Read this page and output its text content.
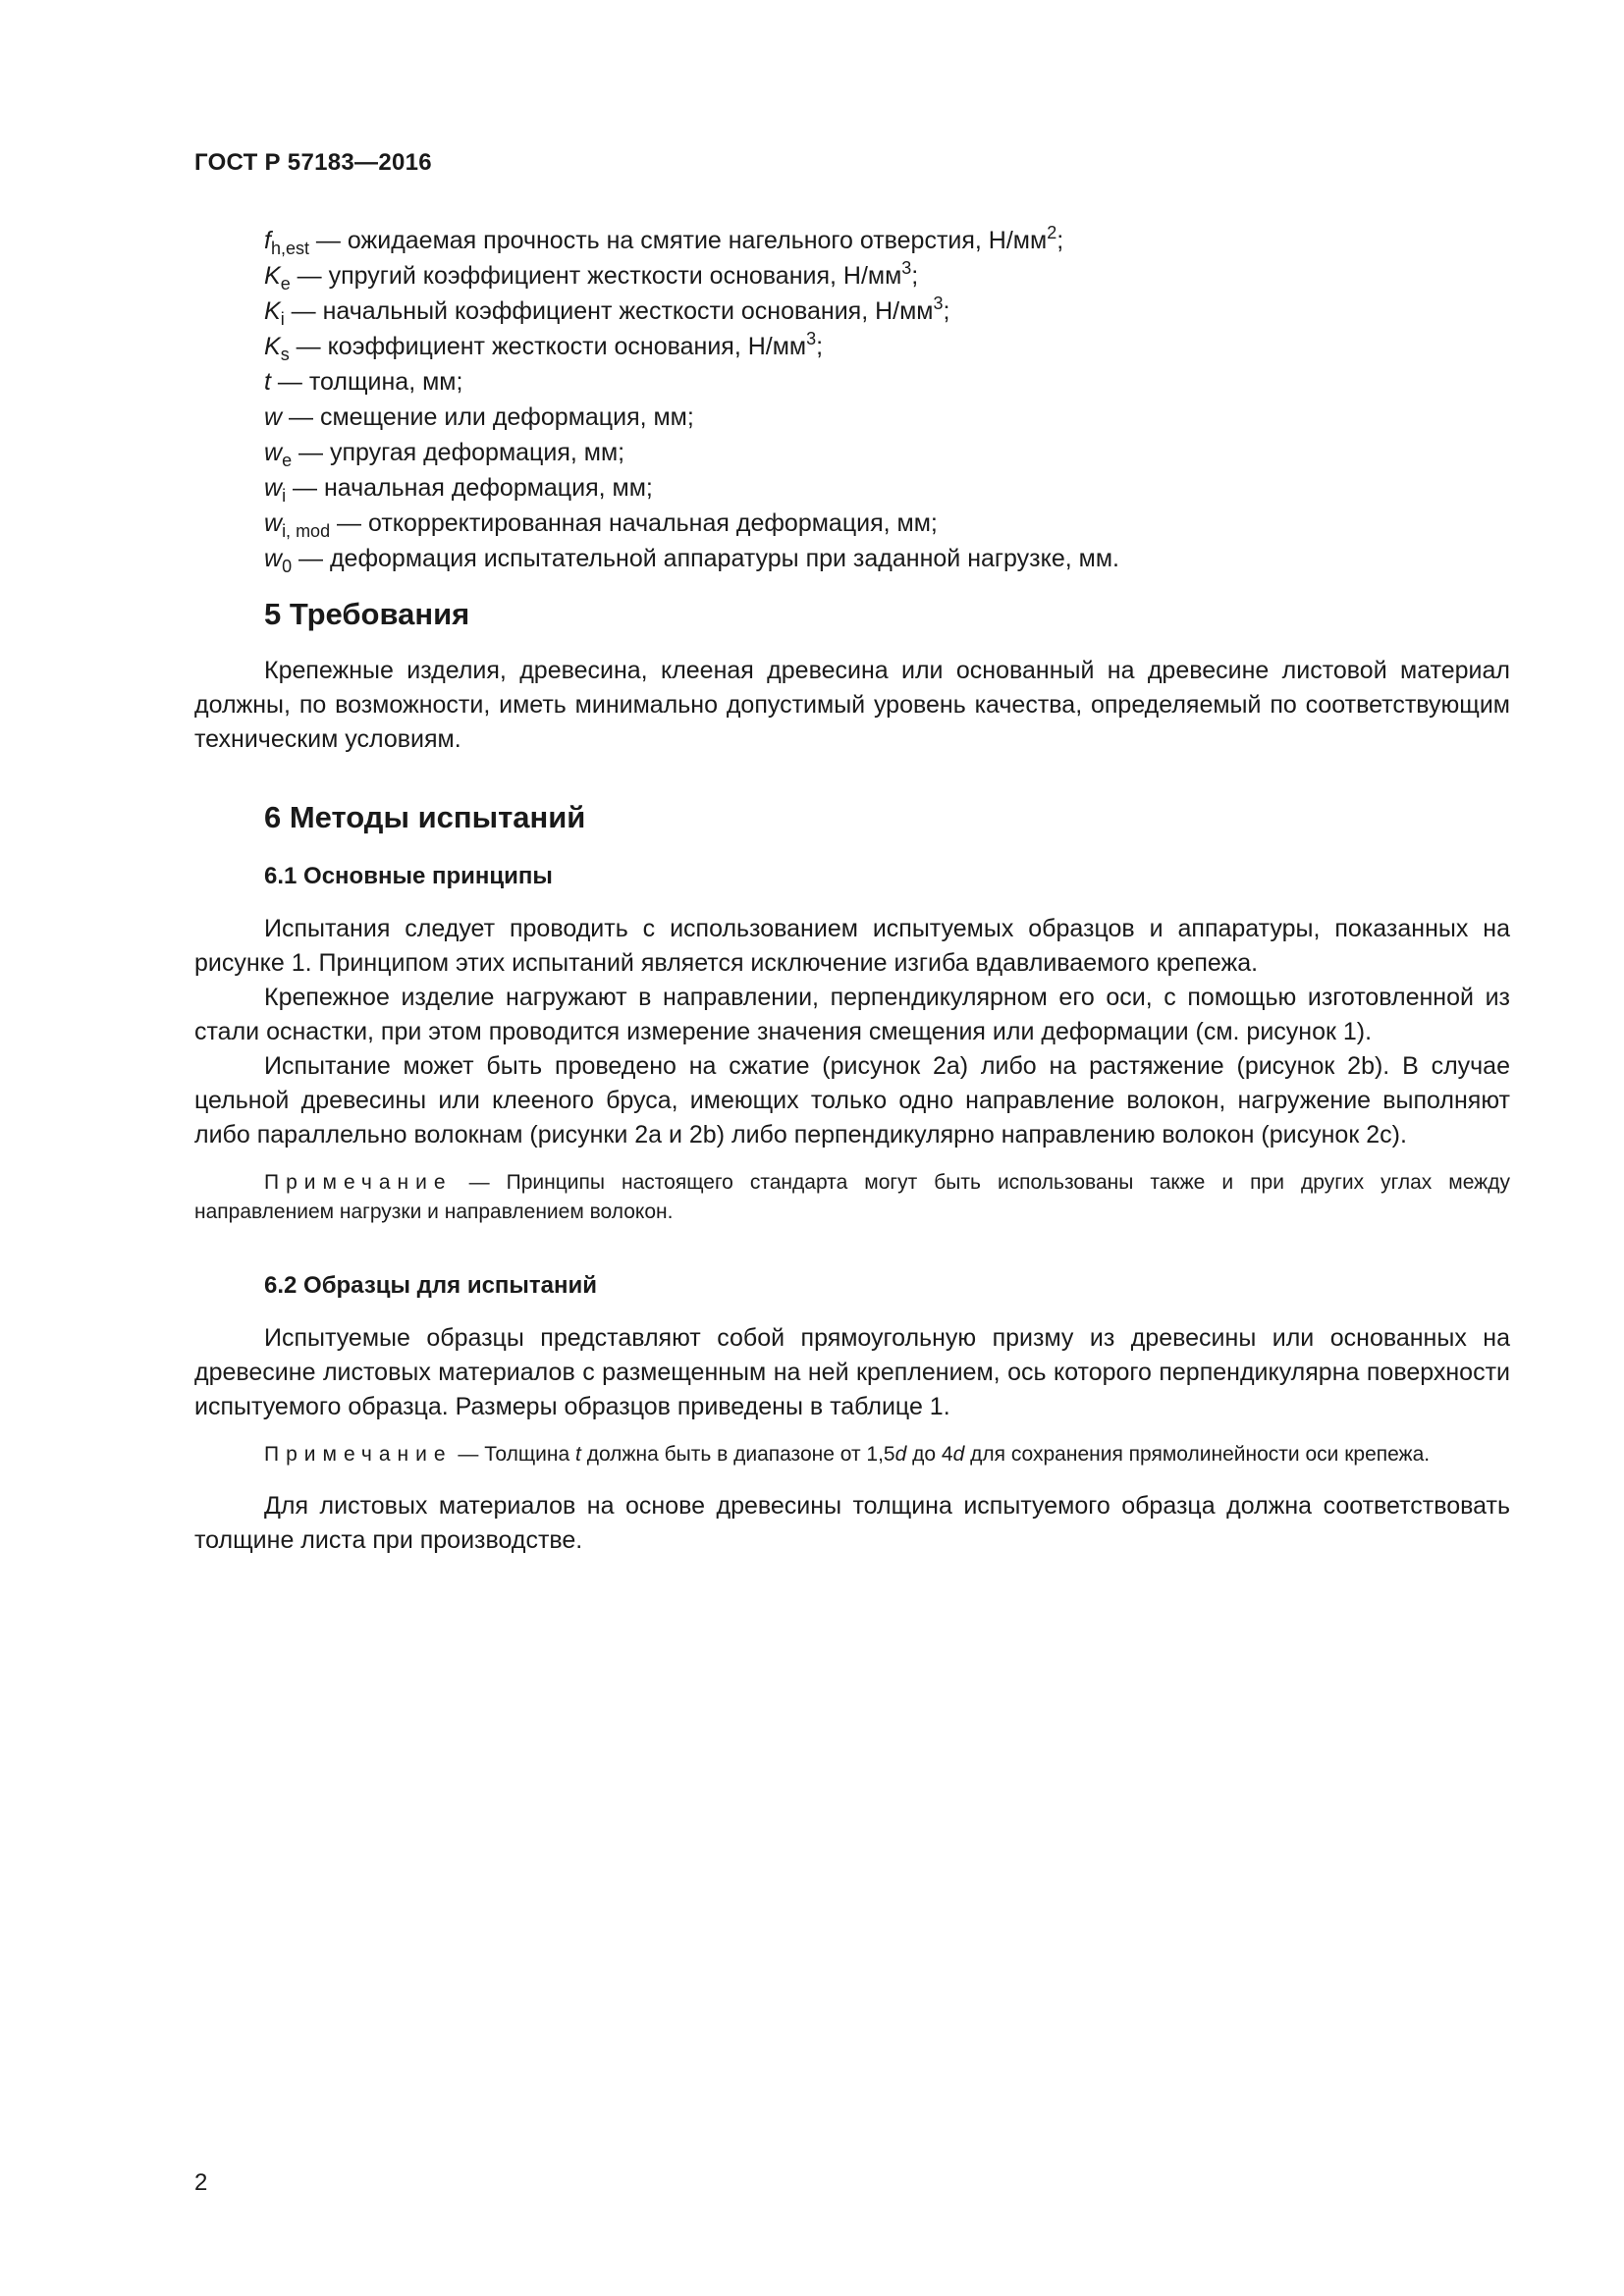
ГОСТ Р 57183—2016
$f_{h,est}$ — ожидаемая прочность на смятие нагельного отверстия, $Н/мм^2$;
$K_e$ — упругий коэффициент жесткости основания, $Н/мм^3$;
$K_i$ — начальный коэффициент жесткости основания, $Н/мм^3$;
$K_s$ — коэффициент жесткости основания, $Н/мм^3$;
t — толщина, мм;
w — смещение или деформация, мм;
$w_e$ — упругая деформация, мм;
$w_i$ — начальная деформация, мм;
$w_{i, mod}$ — откорректированная начальная деформация, мм;
$w_0$ — деформация испытательной аппаратуры при заданной нагрузке, мм.
5 Требования

Крепежные изделия, древесина, клееная древесина или основанный на древесине листовой материал должны, по возможности, иметь минимально допустимый уровень качества, определяемый по соответствующим техническим условиям.

6 Методы испытаний
6.1 Основные принципы

Испытания следует проводить с использованием испытуемых образцов и аппаратуры, показанных на рисунке 1. Принципом этих испытаний является исключение изгиба вдавливаемого крепежа.

Крепежное изделие нагружают в направлении, перпендикулярном его оси, с помощью изготовленной из стали оснастки, при этом проводится измерение значения смещения или деформации (см. рисунок 1).

Испытание может быть проведено на сжатие (рисунок 2a) либо на растяжение (рисунок 2b). В случае цельной древесины или клееного бруса, имеющих только одно направление волокон, нагружение выполняют либо параллельно волокнам (рисунки 2a и 2b) либо перпендикулярно направлению волокон (рисунок 2c).

Примечание — Принципы настоящего стандарта могут быть использованы также и при других углах между направлением нагрузки и направлением волокон.

6.2 Образцы для испытаний

Испытуемые образцы представляют собой прямоугольную призму из древесины или основанных на древесине листовых материалов с размещенным на ней креплением, ось которого перпендикулярна поверхности испытуемого образца. Размеры образцов приведены в таблице 1.

Примечание — Толщина t должна быть в диапазоне от 1,5d до 4d для сохранения прямолинейности оси крепежа.

Для листовых материалов на основе древесины толщина испытуемого образца должна соответствовать толщине листа при производстве.

2
